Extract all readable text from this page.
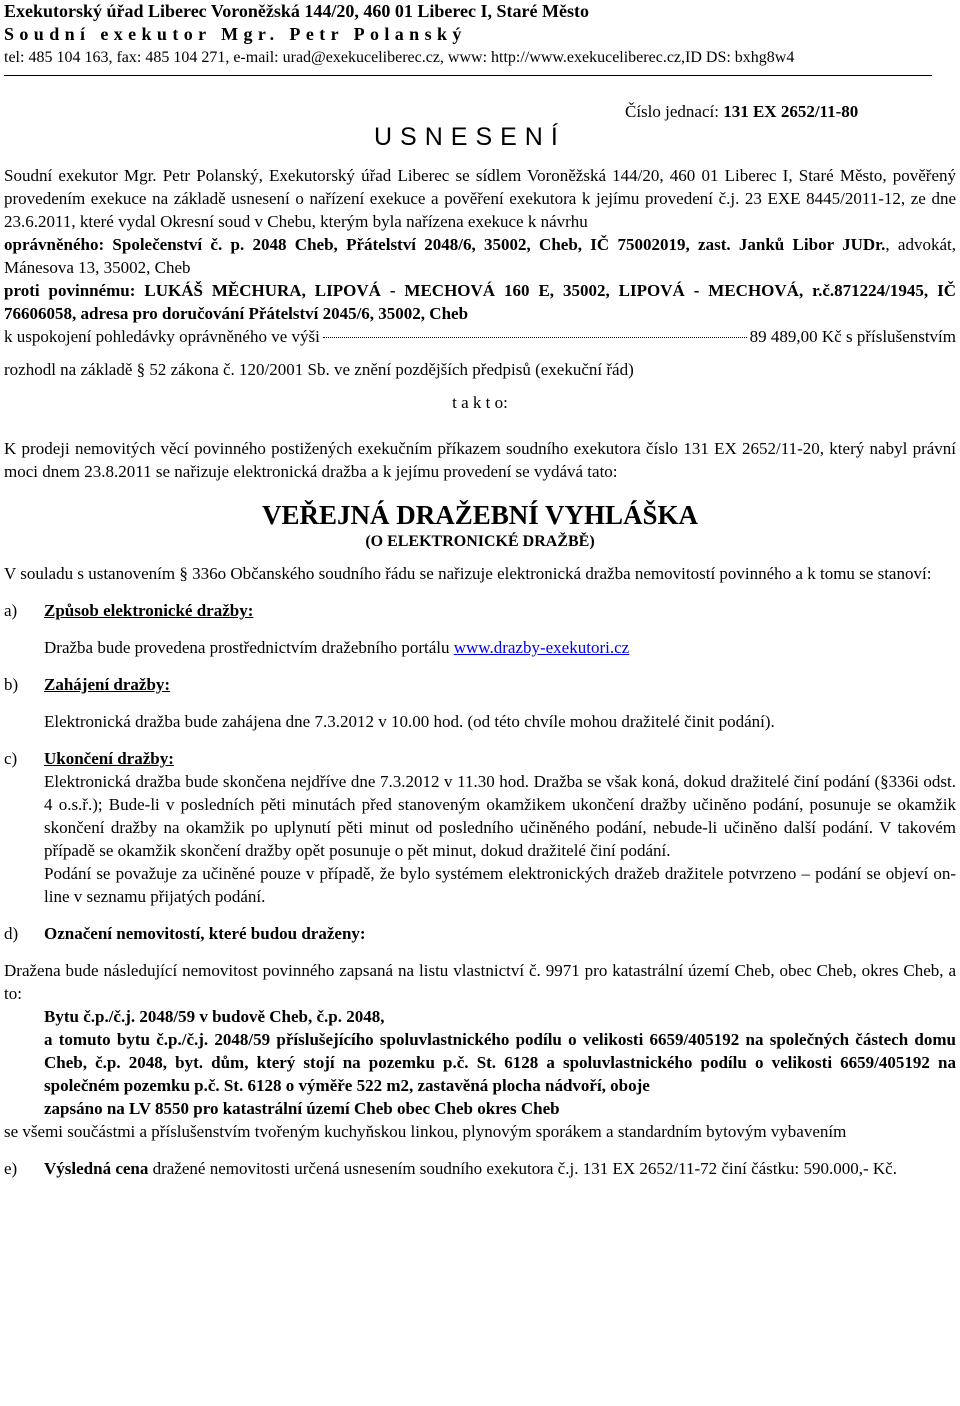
Exekutorský úřad Liberec Voroněžská 144/20, 460 01 Liberec I, Staré Město
Soudní exekutor Mgr. Petr Polanský
tel: 485 104 163, fax: 485 104 271, e-mail: urad@exekuceliberec.cz, www: http://www.exekuceliberec.cz,ID DS: bxhg8w4
Číslo jednací: 131 EX 2652/11-80
USNESENÍ
Soudní exekutor Mgr. Petr Polanský, Exekutorský úřad Liberec se sídlem Voroněžská 144/20, 460 01 Liberec I, Staré Město, pověřený provedením exekuce na základě usnesení o nařízení exekuce a pověření exekutora k jejímu provedení č.j. 23 EXE 8445/2011-12, ze dne 23.6.2011, které vydal Okresní soud v Chebu, kterým byla nařízena exekuce k návrhu
oprávněného: Společenství č. p. 2048 Cheb, Přátelství 2048/6, 35002, Cheb, IČ 75002019, zast. Janků Libor JUDr., advokát, Mánesova 13, 35002, Cheb
proti povinnému: LUKÁŠ MĚCHURA, LIPOVÁ - MECHOVÁ 160 E, 35002, LIPOVÁ - MECHOVÁ, r.č.871224/1945, IČ 76606058, adresa pro doručování Přátelství 2045/6, 35002, Cheb
k uspokojení pohledávky oprávněného ve výši	89 489,00 Kč s příslušenstvím
rozhodl na základě § 52 zákona č. 120/2001 Sb. ve znění pozdějších předpisů (exekuční řád)
t a k t o:
K prodeji nemovitých věcí povinného postižených exekučním příkazem soudního exekutora číslo 131 EX 2652/11-20, který nabyl právní moci dnem 23.8.2011 se nařizuje elektronická dražba a k jejímu provedení se vydává tato:
VEŘEJNÁ DRAŽEBNÍ VYHLÁŠKA
(O ELEKTRONICKÉ DRAŽBĚ)
V souladu s ustanovením § 336o Občanského soudního řádu se nařizuje elektronická dražba nemovitostí povinného a k tomu se stanoví:
a) Způsob elektronické dražby:
Dražba bude provedena prostřednictvím dražebního portálu www.drazby-exekutori.cz
b) Zahájení dražby:
Elektronická dražba bude zahájena dne 7.3.2012 v 10.00 hod. (od této chvíle mohou dražitelé činit podání).
c) Ukončení dražby:
Elektronická dražba bude skončena nejdříve dne 7.3.2012 v 11.30 hod. Dražba se však koná, dokud dražitelé činí podání (§336i odst. 4 o.s.ř.); Bude-li v posledních pěti minutách před stanoveným okamžikem ukončení dražby učiněno podání, posunuje se okamžik skončení dražby na okamžik po uplynutí pěti minut od posledního učiněného podání, nebude-li učiněno další podání. V takovém případě se okamžik skončení dražby opět posunuje o pět minut, dokud dražitelé činí podání.
Podání se považuje za učiněné pouze v případě, že bylo systémem elektronických dražeb dražitele potvrzeno – podání se objeví on-line v seznamu přijatých podání.
d) Označení nemovitostí, které budou draženy:
Dražena bude následující nemovitost povinného zapsaná na listu vlastnictví č. 9971 pro katastrální území Cheb, obec Cheb, okres Cheb, a to:
Bytu č.p./č.j. 2048/59 v budově Cheb, č.p. 2048,
a tomuto bytu č.p./č.j. 2048/59 příslušejícího spoluvlastnického podílu o velikosti 6659/405192 na společných částech domu Cheb, č.p. 2048, byt. dům, který stojí na pozemku p.č. St. 6128 a spoluvlastnického podílu o velikosti 6659/405192 na společném pozemku p.č. St. 6128 o výměře 522 m2, zastavěná plocha nádvoří, oboje
zapsáno na LV 8550 pro katastrální území Cheb obec Cheb okres Cheb
se všemi součástmi a příslušenstvím tvořeným kuchyňskou linkou, plynovým sporákem a standardním bytovým vybavením
e) Výsledná cena dražené nemovitosti určená usnesením soudního exekutora č.j. 131 EX 2652/11-72 činí částku: 590.000,- Kč.
